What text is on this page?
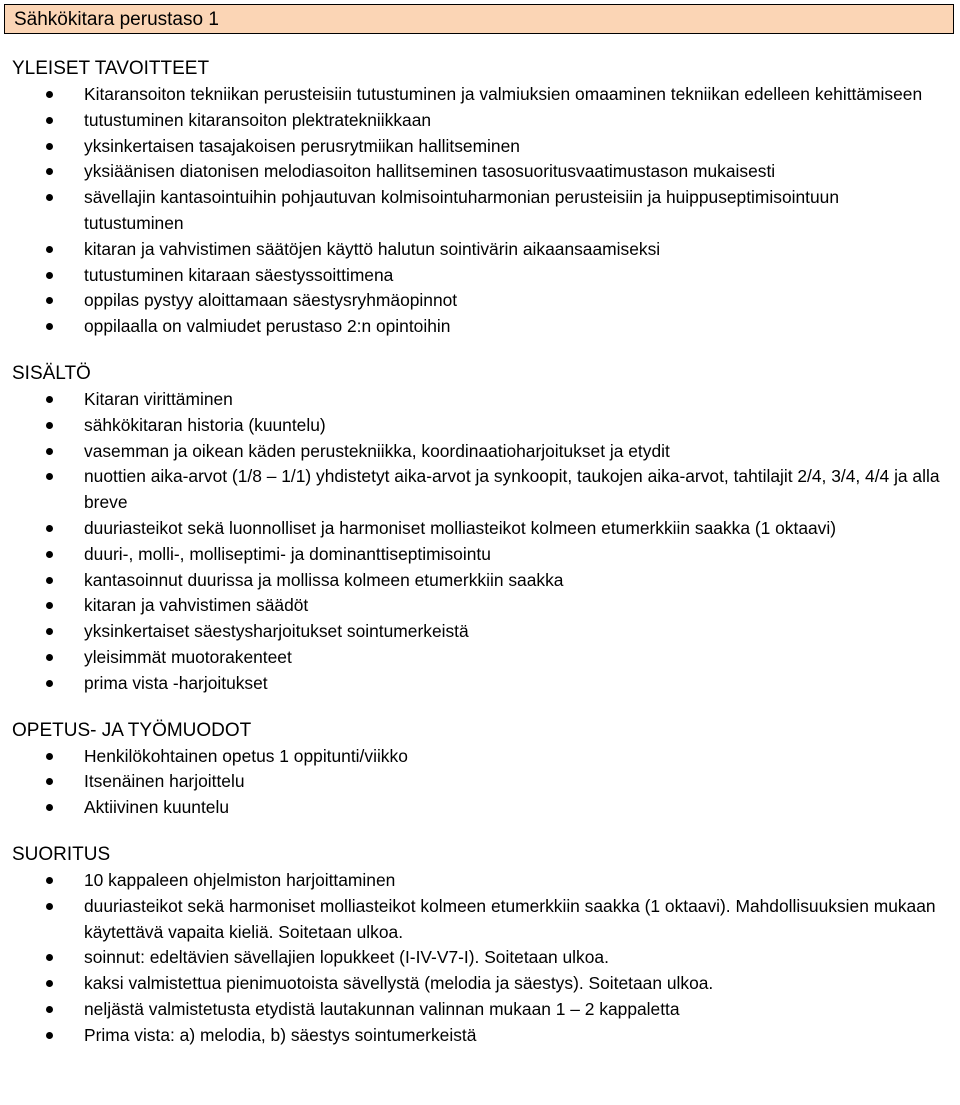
Sähkökitara perustaso 1
YLEISET TAVOITTEET
Kitaransoiton tekniikan perusteisiin tutustuminen ja valmiuksien omaaminen tekniikan edelleen kehittämiseen
tutustuminen kitaransoiton plektratekniikkaan
yksinkertaisen tasajakoisen perusrytmiikan hallitseminen
yksiäänisen diatonisen melodiasoiton hallitseminen tasosuoritusvaatimustason mukaisesti
sävellajin kantasointuihin pohjautuvan kolmisointuharmonian perusteisiin ja huippuseptimisointuun tutustuminen
kitaran ja vahvistimen säätöjen käyttö halutun sointivärin aikaansaamiseksi
tutustuminen kitaraan säestyssoittimena
oppilas pystyy aloittamaan säestysryhmäopinnot
oppilaalla on valmiudet perustaso 2:n opintoihin
SISÄLTÖ
Kitaran virittäminen
sähkökitaran historia (kuuntelu)
vasemman ja oikean käden perustekniikka, koordinaatioharjoitukset ja etydit
nuottien aika-arvot (1/8 – 1/1) yhdistetyt aika-arvot ja synkoopit, taukojen aika-arvot, tahtilajit 2/4, 3/4, 4/4 ja alla breve
duuriasteikot sekä luonnolliset ja harmoniset molliasteikot kolmeen etumerkkiin saakka (1 oktaavi)
duuri-, molli-, molliseptimi- ja dominanttiseptimisointu
kantasoinnut duurissa ja mollissa kolmeen etumerkkiin saakka
kitaran ja vahvistimen säädöt
yksinkertaiset säestysharjoitukset sointumerkeistä
yleisimmät muotorakenteet
prima vista -harjoitukset
OPETUS- JA TYÖMUODOT
Henkilökohtainen opetus 1 oppitunti/viikko
Itsenäinen harjoittelu
Aktiivinen kuuntelu
SUORITUS
10 kappaleen ohjelmiston harjoittaminen
duuriasteikot sekä harmoniset molliasteikot kolmeen etumerkkiin saakka (1 oktaavi). Mahdollisuuksien mukaan käytettävä vapaita kieliä. Soitetaan ulkoa.
soinnut: edeltävien sävellajien lopukkeet (I-IV-V7-I). Soitetaan ulkoa.
kaksi valmistettua pienimuotoista sävellystä (melodia ja säestys). Soitetaan ulkoa.
neljästä valmistetusta etydistä lautakunnan valinnan mukaan 1 – 2 kappaletta
Prima vista: a) melodia, b) säestys sointumerkeistä
